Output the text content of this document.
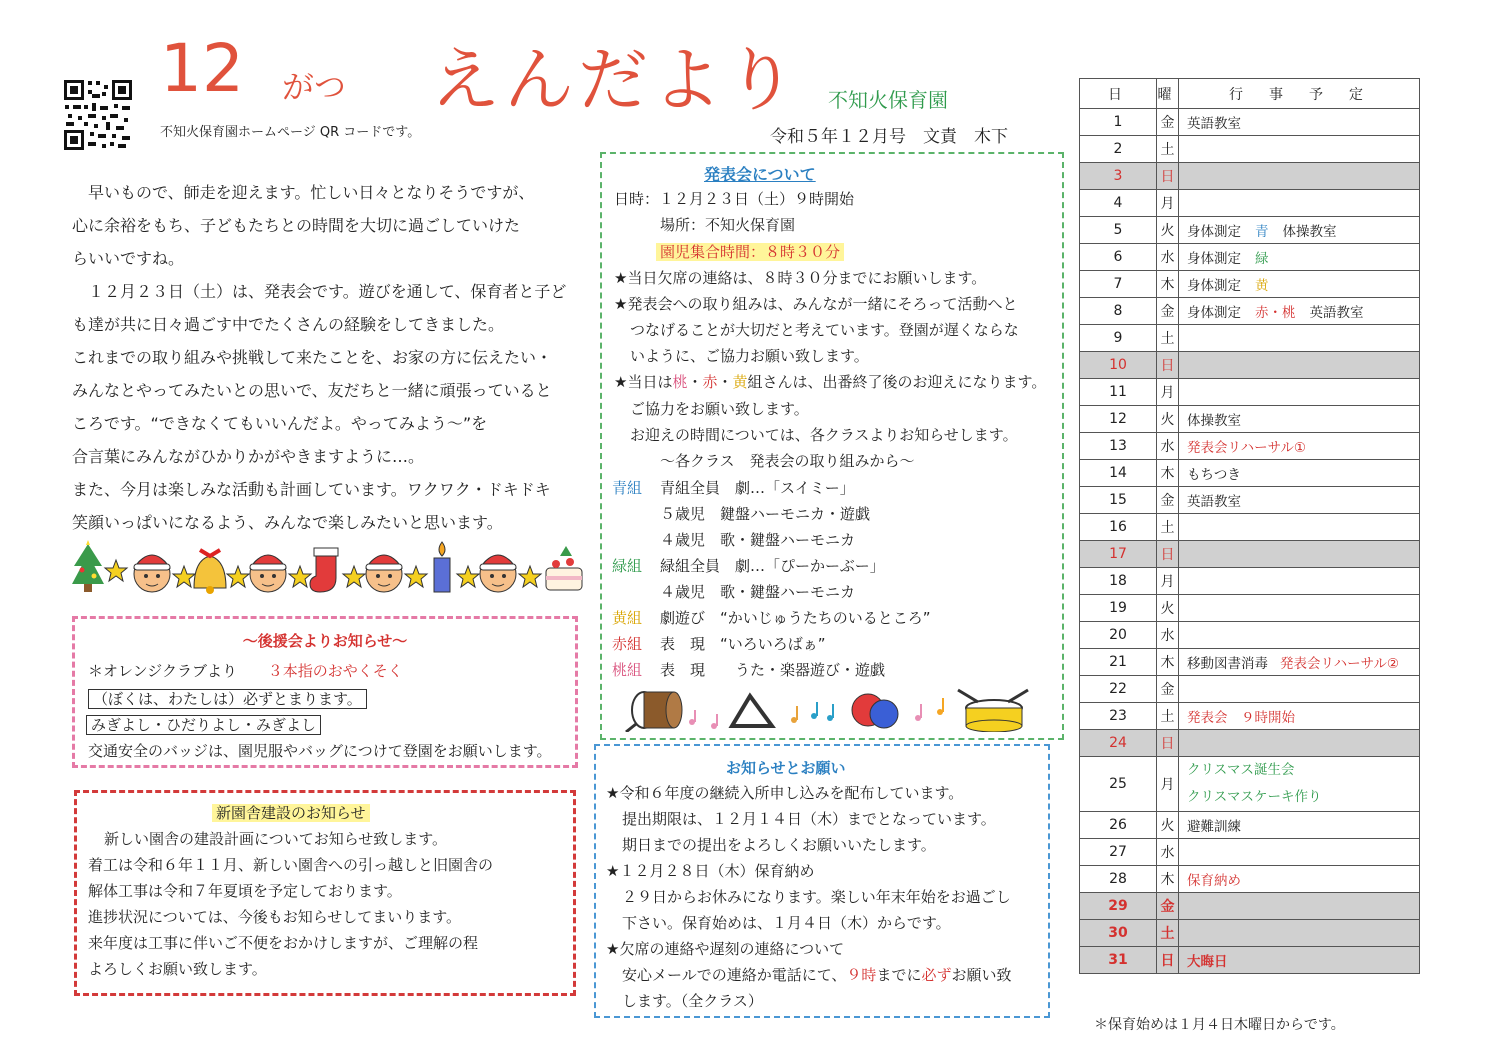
不知火保育園ホームページ QR コードです。
12 がつ えんだより 不知火保育園
令和５年１２月号　文責　木下
早いもので、師走を迎えます。忙しい日々となりそうですが、
心に余裕をもち、子どもたちとの時間を大切に過ごしていけた
らいいですね。
１２月２３日（土）は、発表会です。遊びを通して、保育者と子ど
も達が共に日々過ごす中でたくさんの経験をしてきました。
これまでの取り組みや挑戦して来たことを、お家の方に伝えたい・
みんなとやってみたいとの思いで、友だちと一緒に頑張っていると
ころです。“できなくてもいいんだよ。やってみよう～”を
合言葉にみんながひかりかがやきますように…。
また、今月は楽しみな活動も計画しています。ワクワク・ドキドキ
笑顔いっぱいになるよう、みんなで楽しみたいと思います。
～後援会よりお知らせ～
＊オレンジクラブより ３本指のおやくそく
（ぼくは、わたしは）必ずとまります。
みぎよし・ひだりよし・みぎよし
交通安全のバッジは、園児服やバッグにつけて登園をお願いします。
新園舎建設のお知らせ
新しい園舎の建設計画についてお知らせ致します。
着工は令和６年１１月、新しい園舎への引っ越しと旧園舎の
解体工事は令和７年夏頃を予定しております。
進捗状況については、今後もお知らせしてまいります。
来年度は工事に伴いご不便をおかけしますが、ご理解の程
よろしくお願い致します。
発表会について
日時：１２月２３日（土）９時開始
場所：不知火保育園
園児集合時間：８時３０分
★当日欠席の連絡は、８時３０分までにお願いします。
★発表会への取り組みは、みんなが一緒にそろって活動へと
つなげることが大切だと考えています。登園が遅くならな
いように、ご協力お願い致します。
★当日は桃・赤・黄組さんは、出番終了後のお迎えになります。
ご協力をお願い致します。
お迎えの時間については、各クラスよりお知らせします。
～各クラス　発表会の取り組みから～
青組 青組全員　劇…「スイミー」
５歳児　鍵盤ハーモニカ・遊戯
４歳児　歌・鍵盤ハーモニカ
緑組 緑組全員　劇…「ぴーかーぶー」
４歳児　歌・鍵盤ハーモニカ
黄組 劇遊び　“かいじゅうたちのいるところ”
赤組 表　現　“いろいろばぁ”
桃組 表　現　　うた・楽器遊び・遊戯
お知らせとお願い
★令和６年度の継続入所申し込みを配布しています。
提出期限は、１２月１４日（木）までとなっています。
期日までの提出をよろしくお願いいたします。
★１２月２８日（木）保育納め
２９日からお休みになります。楽しい年末年始をお過ごし
下さい。保育始めは、１月４日（木）からです。
★欠席の連絡や遅刻の連絡について
安心メールでの連絡か電話にて、９時までに必ずお願い致
します。（全クラス）
日	曜	行　事　予　定
1	金	英語教室
2	土	
3	日	
4	月	
5	火	身体測定 青 体操教室
6	水	身体測定 緑
7	木	身体測定 黄
8	金	身体測定 赤・桃 英語教室
9	土	
10	日	
11	月	
12	火	体操教室
13	水	発表会リハーサル①
14	木	もちつき
15	金	英語教室
16	土	
17	日	
18	月	
19	火	
20	水	
21	木	移動図書消毒 発表会リハーサル②
22	金	
23	土	発表会　９時開始
24	日	
25	月	クリスマス誕生会
クリスマスケーキ作り

26	火	避難訓練
27	水	
28	木	保育納め
29	金	
30	土	
31	日	大晦日
＊保育始めは１月４日木曜日からです。
